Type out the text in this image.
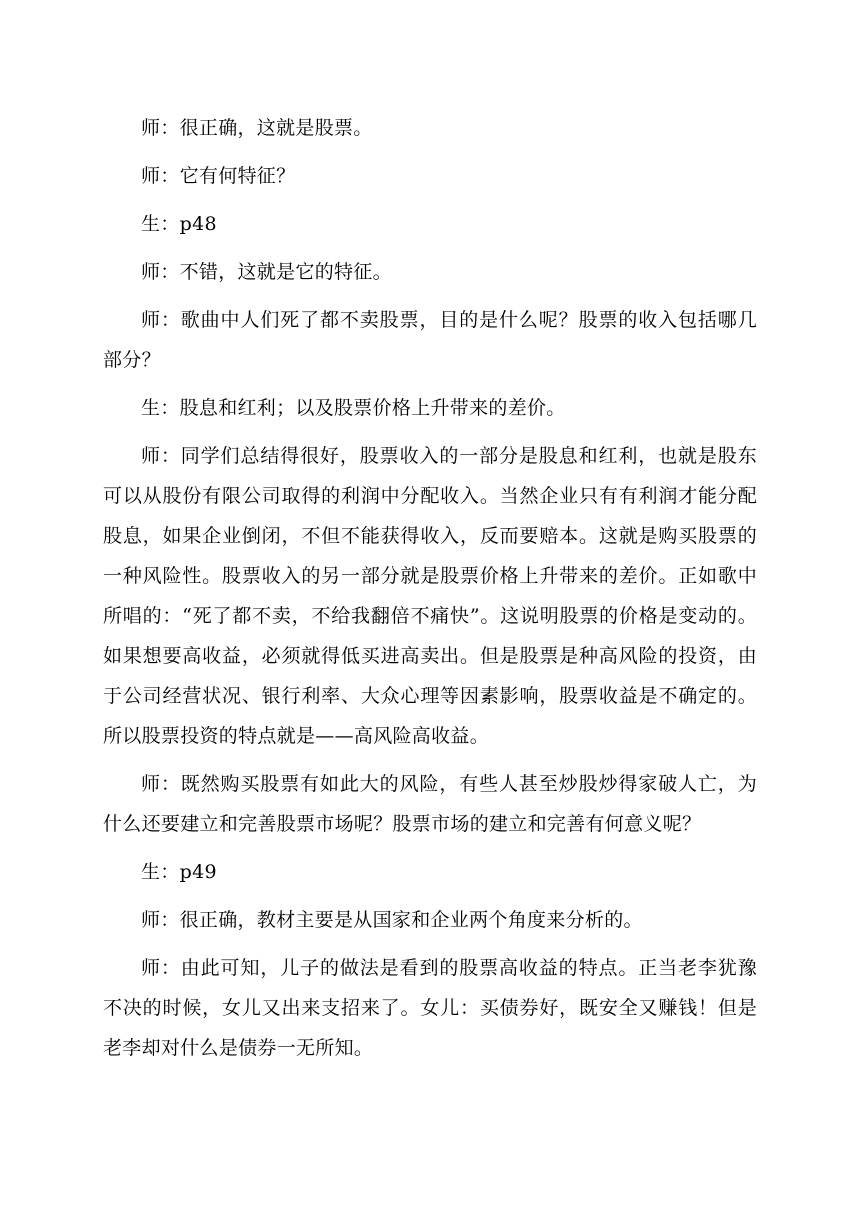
师：很正确，这就是股票。

师：它有何特征？

生：p48

师：不错，这就是它的特征。

师：歌曲中人们死了都不卖股票，目的是什么呢？股票的收入包括哪几部分？

生：股息和红利；以及股票价格上升带来的差价。

师：同学们总结得很好，股票收入的一部分是股息和红利，也就是股东可以从股份有限公司取得的利润中分配收入。当然企业只有有利润才能分配股息，如果企业倒闭，不但不能获得收入，反而要赔本。这就是购买股票的一种风险性。股票收入的另一部分就是股票价格上升带来的差价。正如歌中所唱的：“死了都不卖，不给我翻倍不痛快”。这说明股票的价格是变动的。如果想要高收益，必须就得低买进高卖出。但是股票是种高风险的投资，由于公司经营状况、银行利率、大众心理等因素影响，股票收益是不确定的。所以股票投资的特点就是——高风险高收益。

师：既然购买股票有如此大的风险，有些人甚至炒股炒得家破人亡，为什么还要建立和完善股票市场呢？股票市场的建立和完善有何意义呢？

生：p49

师：很正确，教材主要是从国家和企业两个角度来分析的。

师：由此可知，儿子的做法是看到的股票高收益的特点。正当老李犹豫不决的时候，女儿又出来支招来了。女儿：买债券好，既安全又赚钱！但是老李却对什么是债券一无所知。
